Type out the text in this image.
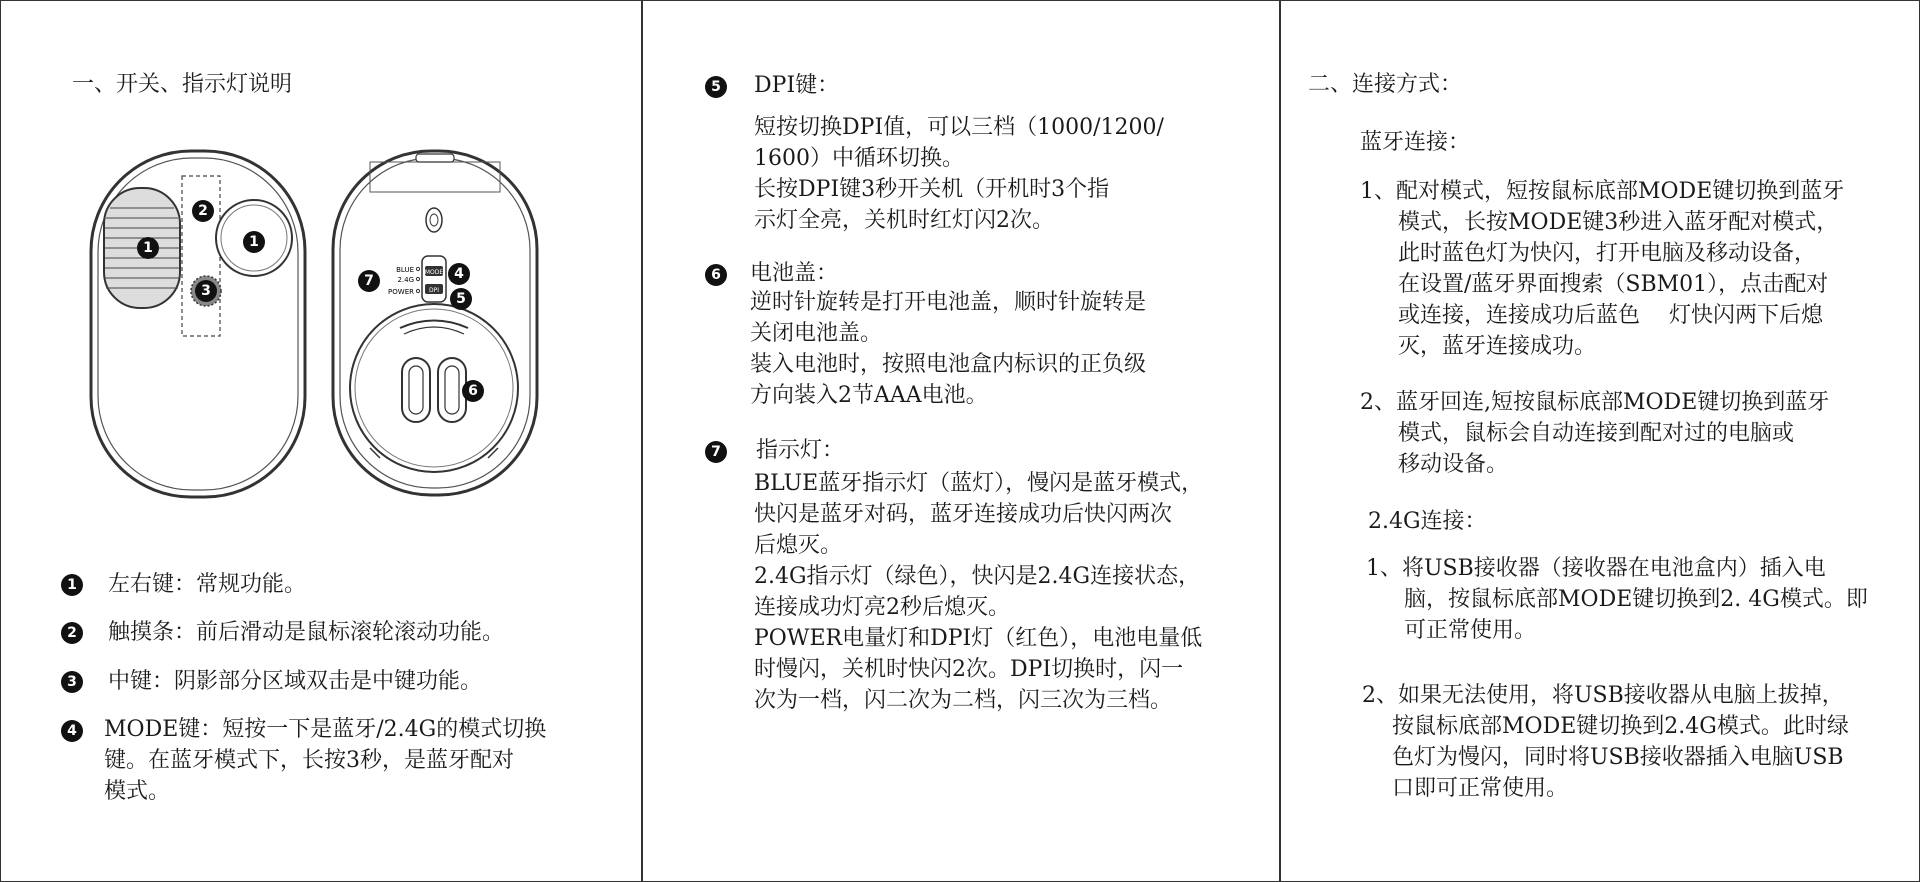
一、开关、指示灯说明
1
2
1
3
MODE
DPI
BLUE
2.4G
POWER
7	4
5
6
1 左右键：常规功能。
2 触摸条：前后滑动是鼠标滚轮滚动功能。
3 中键：阴影部分区域双击是中键功能。
4 MODE键：短按一下是蓝牙/2.4G的模式切换
键。在蓝牙模式下，长按3秒，是蓝牙配对
模式。
5 DPI键：
短按切换DPI值，可以三档（1000/1200/
1600）中循环切换。
长按DPI键3秒开关机（开机时3个指
示灯全亮，关机时红灯闪2次。
6 电池盖：
逆时针旋转是打开电池盖，顺时针旋转是
关闭电池盖。
装入电池时，按照电池盒内标识的正负级
方向装入2节AAA电池。
7 指示灯：
BLUE蓝牙指示灯（蓝灯），慢闪是蓝牙模式，
快闪是蓝牙对码，蓝牙连接成功后快闪两次
后熄灭。
2.4G指示灯（绿色），快闪是2.4G连接状态，
连接成功灯亮2秒后熄灭。
POWER电量灯和DPI灯（红色），电池电量低
时慢闪，关机时快闪2次。DPI切换时，闪一
次为一档，闪二次为二档，闪三次为三档。
二、连接方式：
蓝牙连接：
1、配对模式，短按鼠标底部MODE键切换到蓝牙
模式，长按MODE键3秒进入蓝牙配对模式，
此时蓝色灯为快闪，打开电脑及移动设备，
在设置/蓝牙界面搜索（SBM01），点击配对
或连接，连接成功后蓝色　 灯快闪两下后熄
灭，蓝牙连接成功。
2、蓝牙回连,短按鼠标底部MODE键切换到蓝牙
模式，鼠标会自动连接到配对过的电脑或
移动设备。
2.4G连接：
1、将USB接收器（接收器在电池盒内）插入电
脑，按鼠标底部MODE键切换到2. 4G模式。即
可正常使用。
2、如果无法使用，将USB接收器从电脑上拔掉，
按鼠标底部MODE键切换到2.4G模式。此时绿
色灯为慢闪，同时将USB接收器插入电脑USB
口即可正常使用。
